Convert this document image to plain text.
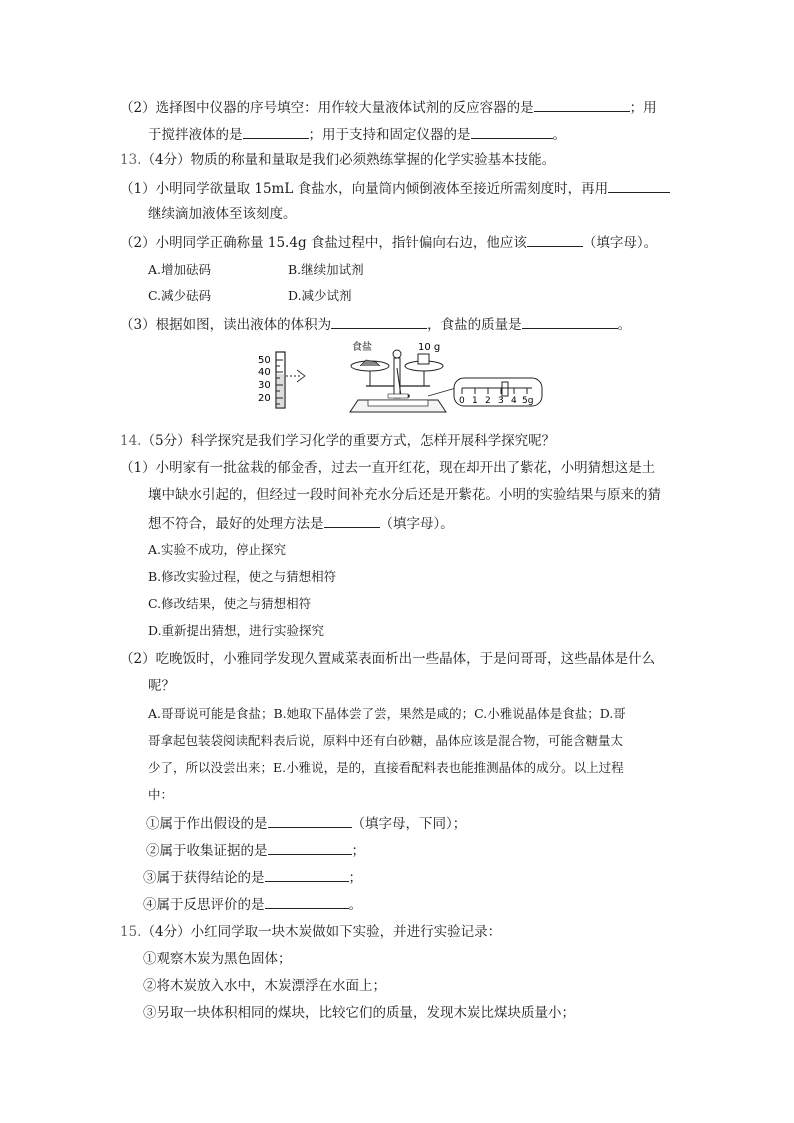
（2）选择图中仪器的序号填空：用作较大量液体试剂的反应容器的是	；用
于搅拌液体的是	；用于支持和固定仪器的是	。
13.（4分）物质的称量和量取是我们必须熟练掌握的化学实验基本技能。
（1）小明同学欲量取 15mL 食盐水，向量筒内倾倒液体至接近所需刻度时，再用
继续滴加液体至该刻度。
（2）小明同学正确称量 15.4g 食盐过程中，指针偏向右边，他应该	（填字母）。
A.增加砝码	B.继续加试剂
C.减少砝码	D.减少试剂
（3）根据如图，读出液体的体积为	，食盐的质量是	。
50
40
30
20
食盐	10 g
0 1 2 3 4 5g
14.（5分）科学探究是我们学习化学的重要方式，怎样开展科学探究呢？
（1）小明家有一批盆栽的郁金香，过去一直开红花，现在却开出了紫花，小明猜想这是土
壤中缺水引起的，但经过一段时间补充水分后还是开紫花。小明的实验结果与原来的猜
想不符合，最好的处理方法是	（填字母）。
A.实验不成功，停止探究
B.修改实验过程，使之与猜想相符
C.修改结果，使之与猜想相符
D.重新提出猜想，进行实验探究
（2）吃晚饭时，小雅同学发现久置咸菜表面析出一些晶体，于是问哥哥，这些晶体是什么
呢？
A.哥哥说可能是食盐；B.她取下晶体尝了尝，果然是咸的；C.小雅说晶体是食盐；D.哥
哥拿起包装袋阅读配料表后说，原料中还有白砂糖，晶体应该是混合物，可能含糖量太
少了，所以没尝出来；E.小雅说，是的，直接看配料表也能推测晶体的成分。以上过程
中：
①属于作出假设的是	（填字母，下同）；
②属于收集证据的是	；
③属于获得结论的是	；
④属于反思评价的是	。
15.（4分）小红同学取一块木炭做如下实验，并进行实验记录：
①观察木炭为黑色固体；
②将木炭放入水中，木炭漂浮在水面上；
③另取一块体积相同的煤块，比较它们的质量，发现木炭比煤块质量小；
